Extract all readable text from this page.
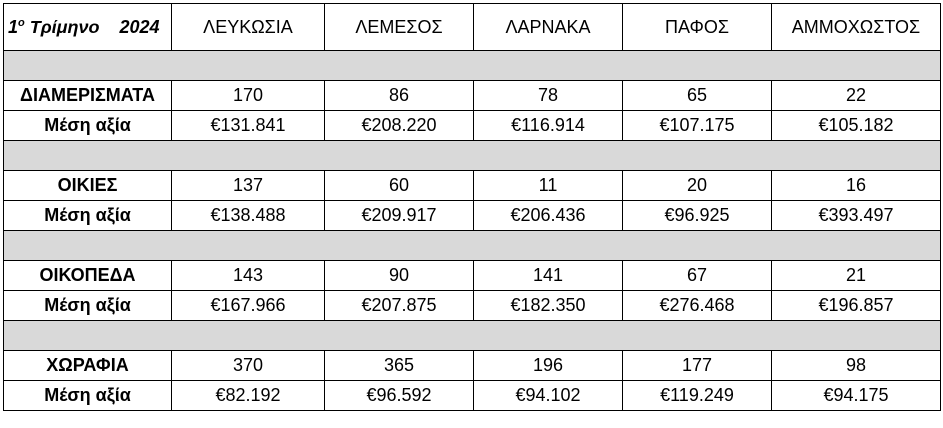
$1^o$ Τρίμηνο    2024	ΛΕΥΚΩΣΙΑ	ΛΕΜΕΣΟΣ	ΛΑΡΝΑΚΑ	ΠΑΦΟΣ	ΑΜΜΟΧΩΣΤΟΣ

ΔΙΑΜΕΡΙΣΜΑΤΑ	170	86	78	65	22
Μέση αξία	€131.841	€208.220	€116.914	€107.175	€105.182

ΟΙΚΙΕΣ	137	60	11	20	16
Μέση αξία	€138.488	€209.917	€206.436	€96.925	€393.497

ΟΙΚΟΠΕΔΑ	143	90	141	67	21
Μέση αξία	€167.966	€207.875	€182.350	€276.468	€196.857

ΧΩΡΑΦΙΑ	370	365	196	177	98
Μέση αξία	€82.192	€96.592	€94.102	€119.249	€94.175
